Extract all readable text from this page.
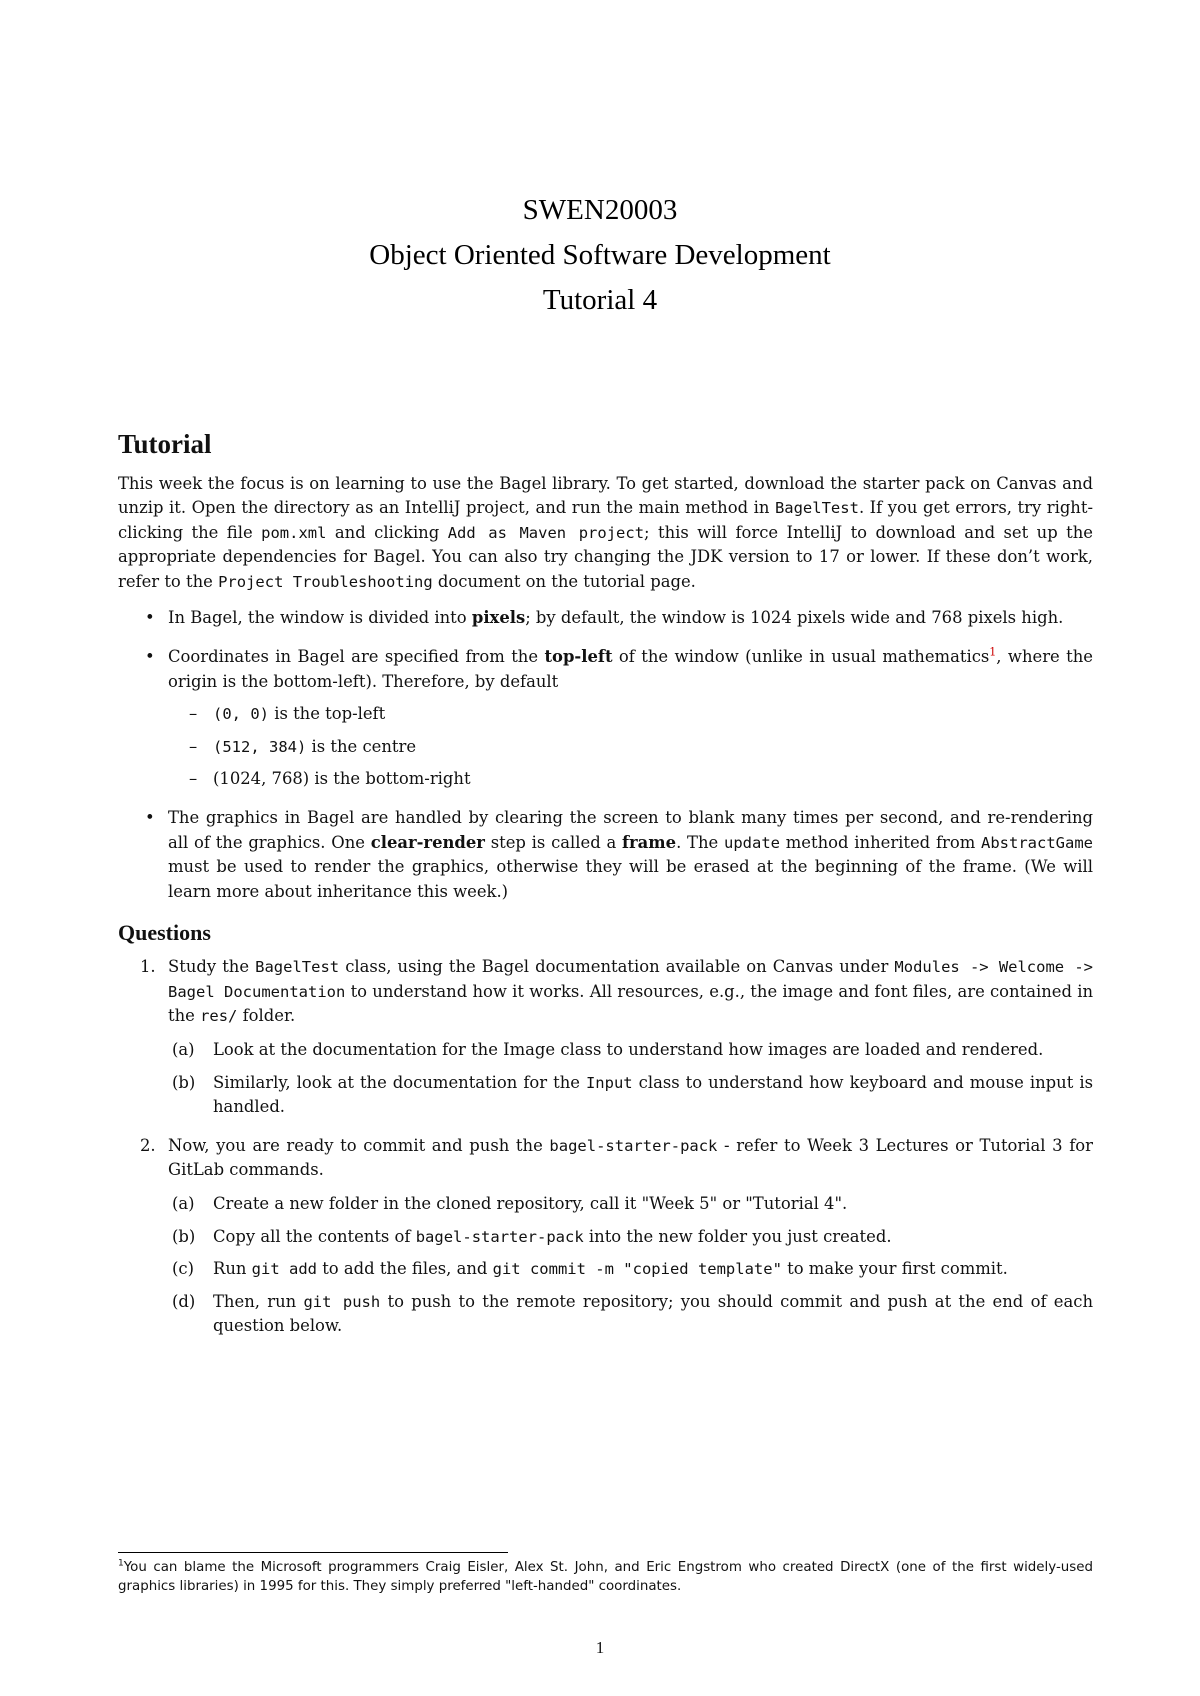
SWEN20003
Object Oriented Software Development
Tutorial 4
Tutorial

This week the focus is on learning to use the Bagel library. To get started, download the starter pack on Canvas and unzip it. Open the directory as an IntelliJ project, and run the main method in BagelTest. If you get errors, try right-clicking the file pom.xml and clicking Add as Maven project; this will force IntelliJ to download and set up the appropriate dependencies for Bagel. You can also try changing the JDK version to 17 or lower. If these don’t work, refer to the Project Troubleshooting document on the tutorial page.

• In Bagel, the window is divided into pixels; by default, the window is 1024 pixels wide and 768 pixels high.
• Coordinates in Bagel are specified from the top-left of the window (unlike in usual mathematics$^1$, where the origin is the bottom-left). Therefore, by default
– (0, 0) is the top-left
– (512, 384) is the centre
– (1024, 768) is the bottom-right
• The graphics in Bagel are handled by clearing the screen to blank many times per second, and re-rendering all of the graphics. One clear-render step is called a frame. The update method inherited from AbstractGame must be used to render the graphics, otherwise they will be erased at the beginning of the frame. (We will learn more about inheritance this week.)
Questions
1. Study the BagelTest class, using the Bagel documentation available on Canvas under Modules -> Welcome -> Bagel Documentation to understand how it works. All resources, e.g., the image and font files, are contained in the res/ folder.
(a) Look at the documentation for the Image class to understand how images are loaded and rendered.
(b) Similarly, look at the documentation for the Input class to understand how keyboard and mouse input is handled.
2. Now, you are ready to commit and push the bagel-starter-pack - refer to Week 3 Lectures or Tutorial 3 for GitLab commands.
(a) Create a new folder in the cloned repository, call it "Week 5" or "Tutorial 4".
(b) Copy all the contents of bagel-starter-pack into the new folder you just created.
(c) Run git add to add the files, and git commit -m "copied template" to make your first commit.
(d) Then, run git push to push to the remote repository; you should commit and push at the end of each question below.
$^1$You can blame the Microsoft programmers Craig Eisler, Alex St. John, and Eric Engstrom who created DirectX (one of the first widely-used graphics libraries) in 1995 for this. They simply preferred "left-handed" coordinates.
1
